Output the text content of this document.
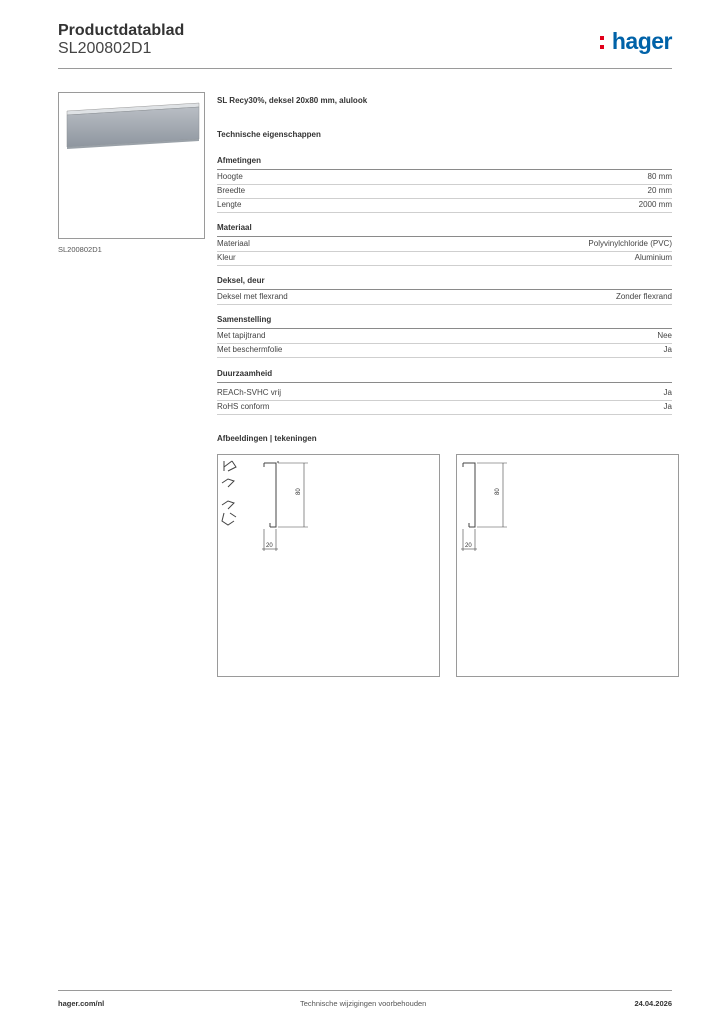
Productdatablad
SL200802D1	hager
SL200802D1
SL Recy30%, deksel 20x80 mm, alulook
Technische eigenschappen
Afmetingen
Hoogte	80 mm
Breedte	20 mm
Lengte	2000 mm
Materiaal
Materiaal	Polyvinylchloride (PVC)
Kleur	Aluminium
Deksel, deur
Deksel met flexrand	Zonder flexrand
Samenstelling
Met tapijtrand	Nee
Met beschermfolie	Ja
Duurzaamheid
REACh-SVHC vrij	Ja
RoHS conform	Ja
Afbeeldingen | tekeningen
80
20
80
20
hager.com/nl	Technische wijzigingen voorbehouden	24.04.2026
